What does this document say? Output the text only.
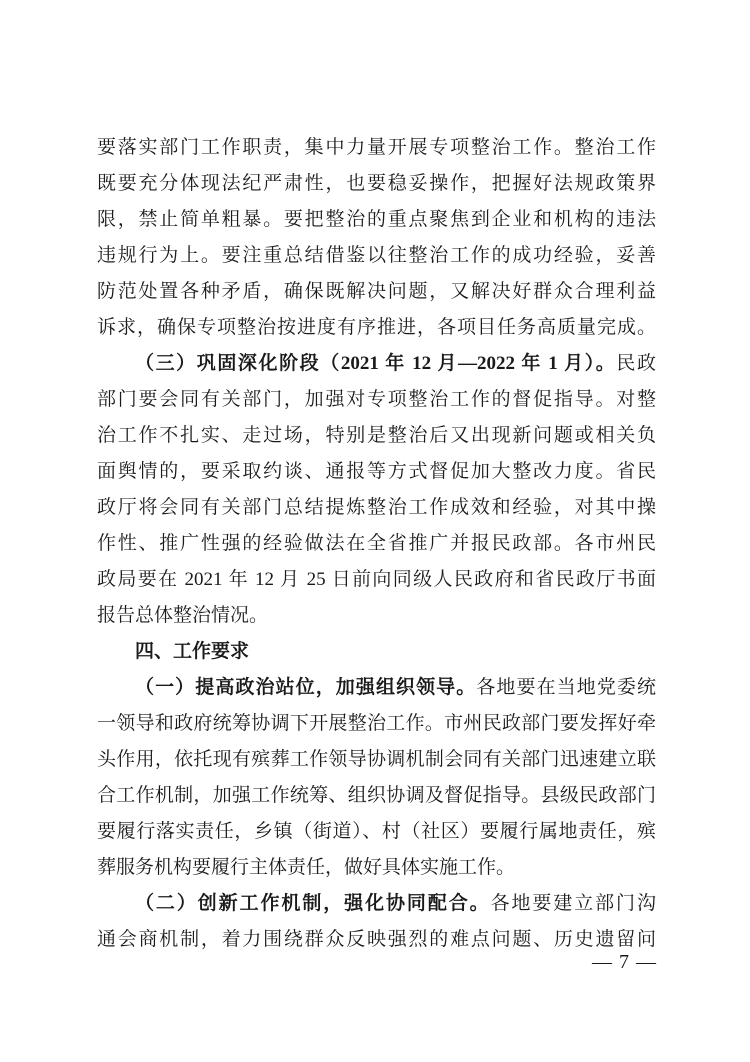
要落实部门工作职责，集中力量开展专项整治工作。整治工作
既要充分体现法纪严肃性，也要稳妥操作，把握好法规政策界
限，禁止简单粗暴。要把整治的重点聚焦到企业和机构的违法
违规行为上。要注重总结借鉴以往整治工作的成功经验，妥善
防范处置各种矛盾，确保既解决问题，又解决好群众合理利益
诉求，确保专项整治按进度有序推进，各项目任务高质量完成。
（三）巩固深化阶段（2021 年 12 月—2022 年 1 月）。民政
部门要会同有关部门，加强对专项整治工作的督促指导。对整
治工作不扎实、走过场，特别是整治后又出现新问题或相关负
面舆情的，要采取约谈、通报等方式督促加大整改力度。省民
政厅将会同有关部门总结提炼整治工作成效和经验，对其中操
作性、推广性强的经验做法在全省推广并报民政部。各市州民
政局要在 2021 年 12 月 25 日前向同级人民政府和省民政厅书面
报告总体整治情况。
四、工作要求
（一）提高政治站位，加强组织领导。各地要在当地党委统
一领导和政府统筹协调下开展整治工作。市州民政部门要发挥好牵
头作用，依托现有殡葬工作领导协调机制会同有关部门迅速建立联
合工作机制，加强工作统筹、组织协调及督促指导。县级民政部门
要履行落实责任，乡镇（街道）、村（社区）要履行属地责任，殡
葬服务机构要履行主体责任，做好具体实施工作。
（二）创新工作机制，强化协同配合。各地要建立部门沟
通会商机制，着力围绕群众反映强烈的难点问题、历史遗留问
— 7 —
